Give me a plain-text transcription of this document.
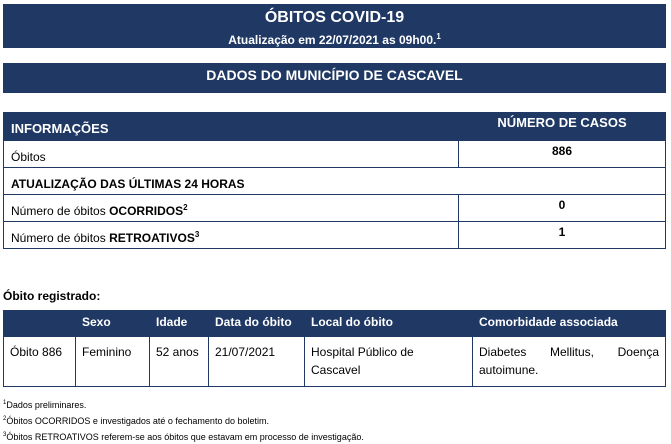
ÓBITOS COVID-19
Atualização em 22/07/2021 as 09h00.$^1$
DADOS DO MUNICÍPIO DE CASCAVEL
INFORMAÇÕES	NÚMERO DE CASOS
Óbitos	886
ATUALIZAÇÃO DAS ÚLTIMAS 24 HORAS	
Número de óbitos OCORRIDOS$^2$	0
Número de óbitos RETROATIVOS$^3$	1
Óbito registrado:
	Sexo	Idade	Data do óbito	Local do óbito	Comorbidade associada
Óbito 886	Feminino	52 anos	21/07/2021	Hospital Público de Cascavel	Diabetes Mellitus, Doença autoimune.
$^1$Dados preliminares.
$^2$Óbitos OCORRIDOS e investigados até o fechamento do boletim.
$^3$Óbitos RETROATIVOS referem-se aos óbitos que estavam em processo de investigação.
